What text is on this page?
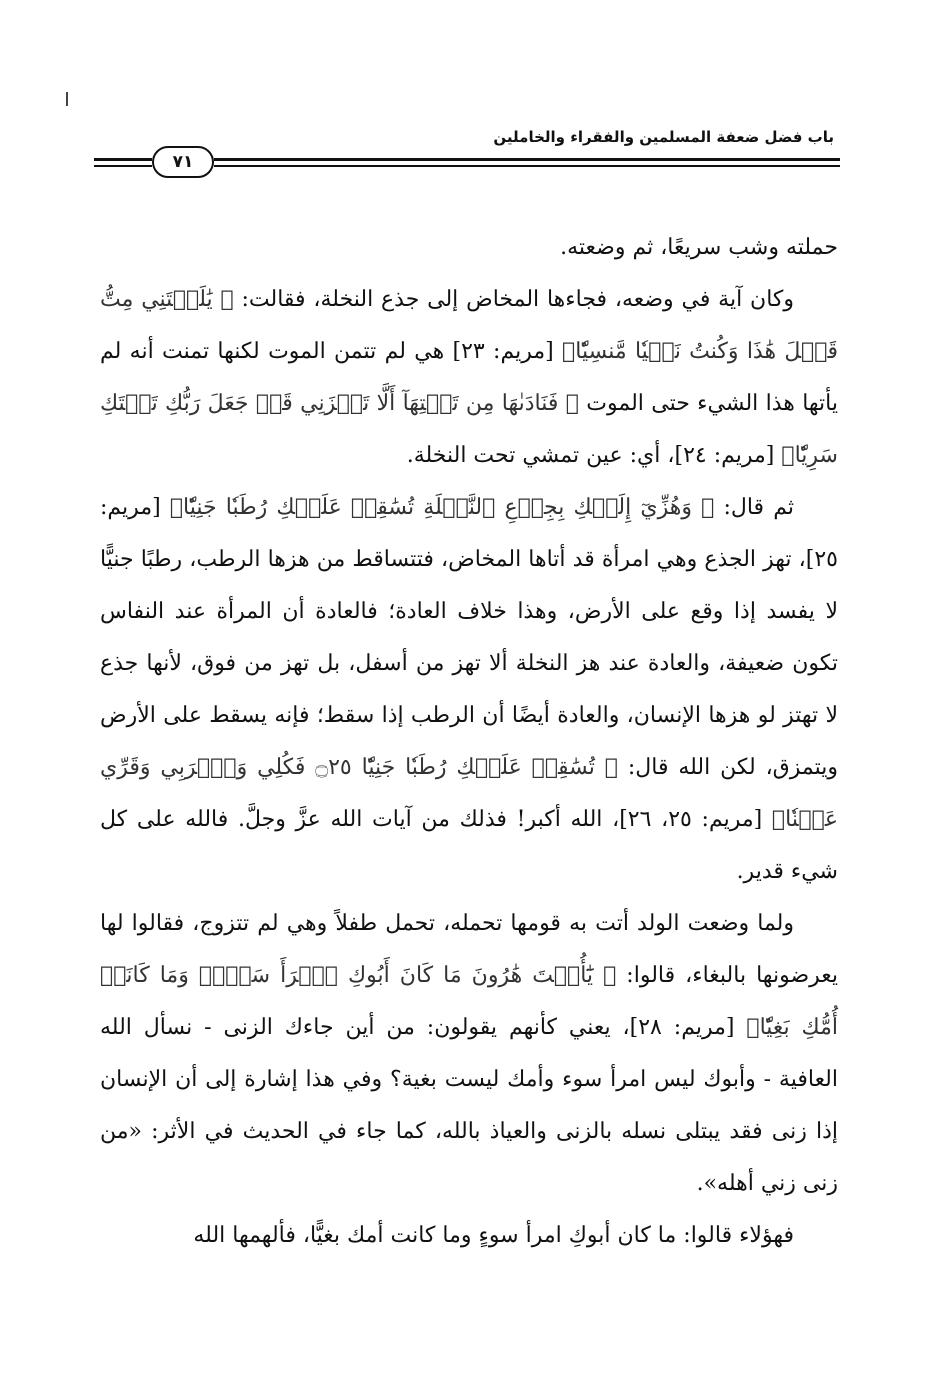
باب فضل ضعفة المسلمين والفقراء والخاملين
٧١

حملته وشب سريعًا، ثم وضعته.

وكان آية في وضعه، فجاءها المخاض إلى جذع النخلة، فقالت: ﴿ يَٰلَيۡتَنِي مِتُّ قَبۡلَ هَٰذَا وَكُنتُ نَسۡيٗا مَّنسِيّٗا﴾ [مريم: ٢٣] هي لم تتمن الموت لكنها تمنت أنه لم يأتها هذا الشيء حتى الموت ﴿ فَنَادَىٰهَا مِن تَحۡتِهَآ أَلَّا تَحۡزَنِي قَدۡ جَعَلَ رَبُّكِ تَحۡتَكِ سَرِيّٗا﴾ [مريم: ٢٤]، أي: عين تمشي تحت النخلة.

ثم قال: ﴿ وَهُزِّيٓ إِلَيۡكِ بِجِذۡعِ ٱلنَّخۡلَةِ تُسَٰقِطۡ عَلَيۡكِ رُطَبٗا جَنِيّٗا﴾ [مريم: ٢٥]، تهز الجذع وهي امرأة قد أتاها المخاض، فتتساقط من هزها الرطب، رطبًا جنيًّا لا يفسد إذا وقع على الأرض، وهذا خلاف العادة؛ فالعادة أن المرأة عند النفاس تكون ضعيفة، والعادة عند هز النخلة ألا تهز من أسفل، بل تهز من فوق، لأنها جذع لا تهتز لو هزها الإنسان، والعادة أيضًا أن الرطب إذا سقط؛ فإنه يسقط على الأرض ويتمزق، لكن الله قال: ﴿ تُسَٰقِطۡ عَلَيۡكِ رُطَبٗا جَنِيّٗا ۝٢٥ فَكُلِي وَٱشۡرَبِي وَقَرِّي عَيۡنٗا﴾ [مريم: ٢٥، ٢٦]، الله أكبر! فذلك من آيات الله عزَّ وجلَّ. فالله على كل شيء قدير.

ولما وضعت الولد أتت به قومها تحمله، تحمل طفلاً وهي لم تتزوج، فقالوا لها يعرضونها بالبغاء، قالوا: ﴿ يَٰٓأُخۡتَ هَٰرُونَ مَا كَانَ أَبُوكِ ٱمۡرَأَ سَوۡءٖ وَمَا كَانَتۡ أُمُّكِ بَغِيّٗا﴾ [مريم: ٢٨]، يعني كأنهم يقولون: من أين جاءك الزنى - نسأل الله العافية - وأبوك ليس امرأ سوء وأمك ليست بغية؟ وفي هذا إشارة إلى أن الإنسان إذا زنى فقد يبتلى نسله بالزنى والعياذ بالله، كما جاء في الحديث في الأثر: «من زنى زني أهله».

فهؤلاء قالوا: ما كان أبوكِ امرأ سوءٍ وما كانت أمك بغيًّا، فألهمها الله
